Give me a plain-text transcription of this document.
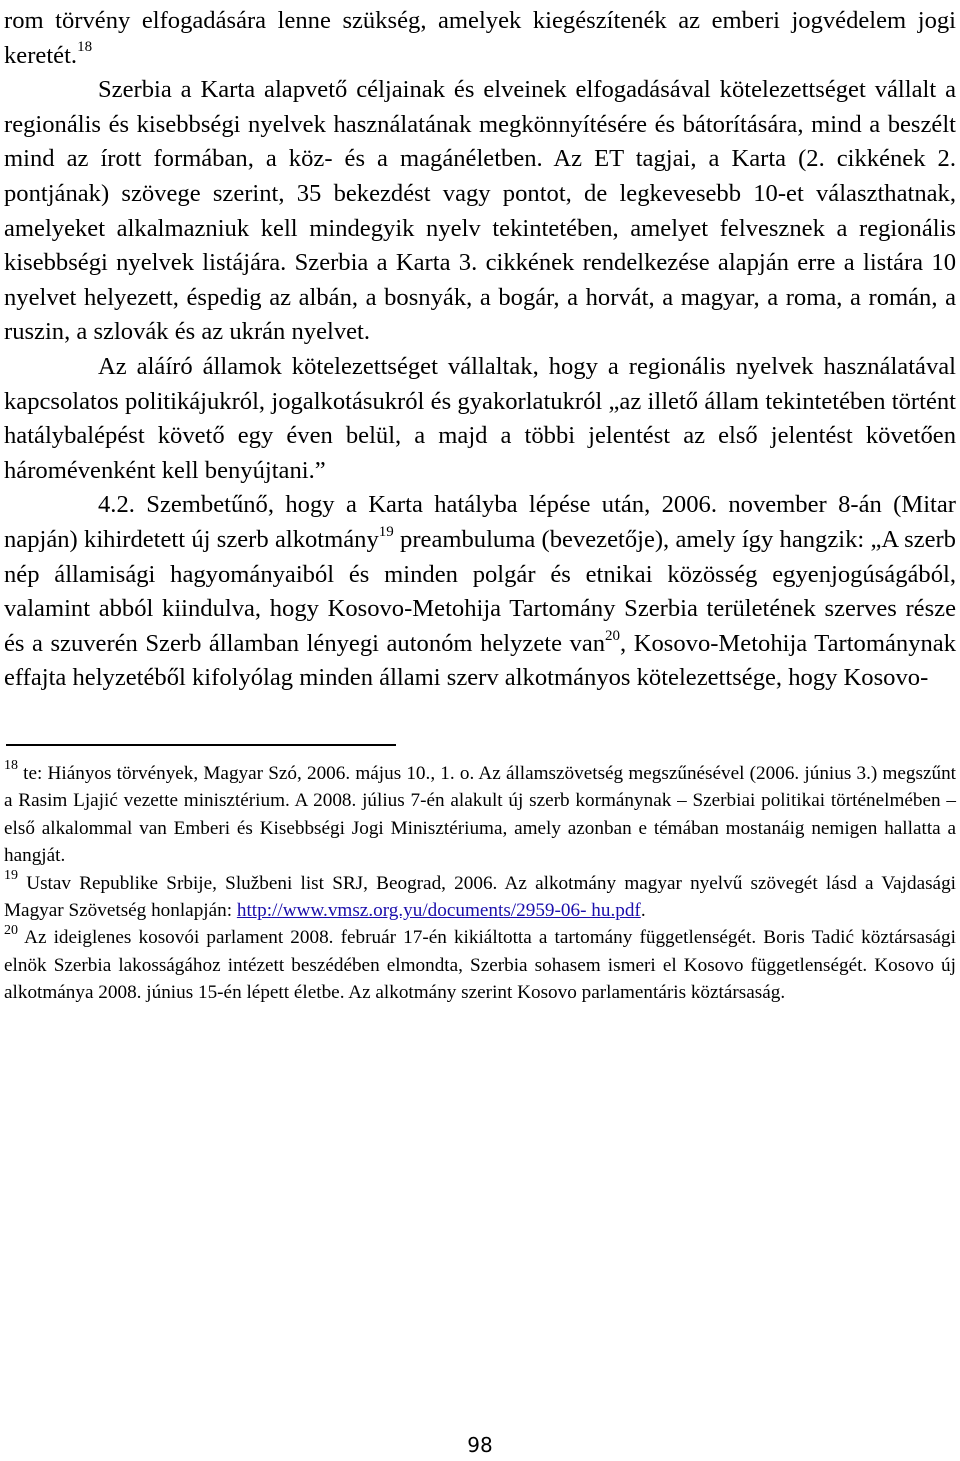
rom törvény elfogadására lenne szükség, amelyek kiegészítenék az emberi jogvédelem jogi keretét.$^{18}$

Szerbia a Karta alapvető céljainak és elveinek elfogadásával kötelezettséget vállalt a regionális és kisebbségi nyelvek használatának megkönnyítésére és bátorítására, mind a beszélt mind az írott formában, a köz- és a magánéletben. Az ET tagjai, a Karta (2. cikkének 2. pontjának) szövege szerint, 35 bekezdést vagy pontot, de legkevesebb 10-et választhatnak, amelyeket alkalmazniuk kell mindegyik nyelv tekintetében, amelyet felvesznek a regionális kisebbségi nyelvek listájára. Szerbia a Karta 3. cikkének rendelkezése alapján erre a listára 10 nyelvet helyezett, éspedig az albán, a bosnyák, a bogár, a horvát, a magyar, a roma, a román, a ruszin, a szlovák és az ukrán nyelvet.

Az aláíró államok kötelezettséget vállaltak, hogy a regionális nyelvek használatával kapcsolatos politikájukról, jogalkotásukról és gyakorlatukról „az illető állam tekintetében történt hatálybalépést követő egy éven belül, a majd a többi jelentést az első jelentést követően háromévenként kell benyújtani.”

4.2. Szembetűnő, hogy a Karta hatályba lépése után, 2006. november 8-án (Mitar napján) kihirdetett új szerb alkotmány$^{19}$ preambuluma (bevezetője), amely így hangzik: „A szerb nép államisági hagyományaiból és minden polgár és etnikai közösség egyenjogúságából, valamint abból kiindulva, hogy Kosovo-Metohija Tartomány Szerbia területének szerves része és a szuverén Szerb államban lényegi autonóm helyzete van$^{20}$, Kosovo-Metohija Tartománynak effajta helyzetéből kifolyólag minden állami szerv alkotmányos kötelezettsége, hogy Kosovo-

$^{18}$ te: Hiányos törvények, Magyar Szó, 2006. május 10., 1. o. Az államszövetség megszűnésével (2006. június 3.) megszűnt a Rasim Ljajić vezette minisztérium. A 2008. július 7-én alakult új szerb kormánynak – Szerbiai politikai történelmében – első alkalommal van Emberi és Kisebbségi Jogi Minisztériuma, amely azonban e témában mostanáig nemigen hallatta a hangját.

$^{19}$ Ustav Republike Srbije, Službeni list SRJ, Beograd, 2006. Az alkotmány magyar nyelvű szövegét lásd a Vajdasági Magyar Szövetség honlapján: http://www.vmsz.org.yu/documents/2959-06- hu.pdf.

$^{20}$ Az ideiglenes kosovói parlament 2008. február 17-én kikiáltotta a tartomány függetlenségét. Boris Tadić köztársasági elnök Szerbia lakosságához intézett beszédében elmondta, Szerbia sohasem ismeri el Kosovo függetlenségét. Kosovo új alkotmánya 2008. június 15-én lépett életbe. Az alkotmány szerint Kosovo parlamentáris köztársaság.

98
